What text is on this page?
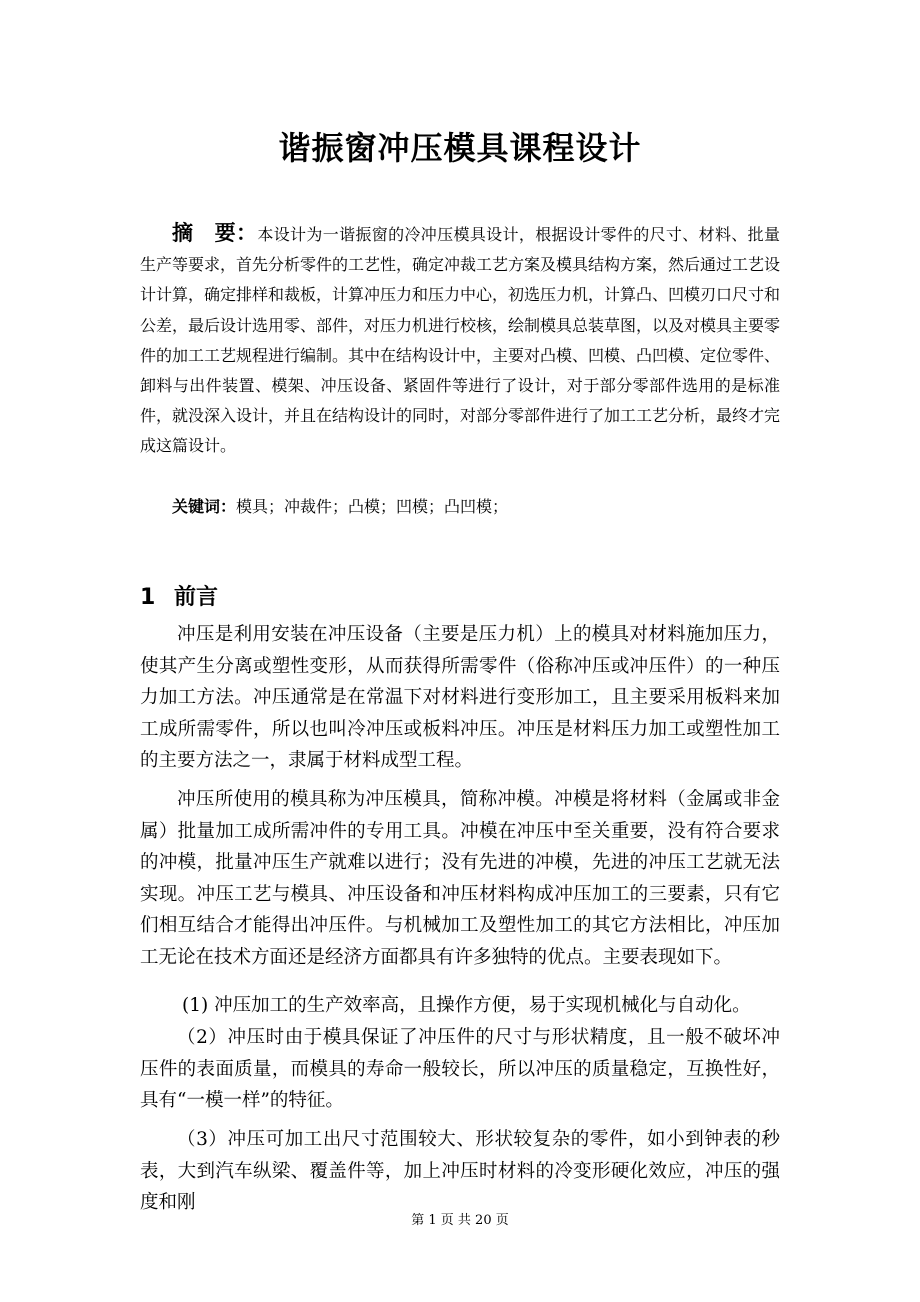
谐振窗冲压模具课程设计

摘　要：本设计为一谐振窗的冷冲压模具设计，根据设计零件的尺寸、材料、批量生产等要求，首先分析零件的工艺性，确定冲裁工艺方案及模具结构方案，然后通过工艺设计计算，确定排样和裁板，计算冲压力和压力中心，初选压力机，计算凸、凹模刃口尺寸和公差，最后设计选用零、部件，对压力机进行校核，绘制模具总装草图，以及对模具主要零件的加工工艺规程进行编制。其中在结构设计中，主要对凸模、凹模、凸凹模、定位零件、卸料与出件装置、模架、冲压设备、紧固件等进行了设计，对于部分零部件选用的是标准件，就没深入设计，并且在结构设计的同时，对部分零部件进行了加工工艺分析，最终才完成这篇设计。

关键词：模具；冲裁件；凸模；凹模；凸凹模；

1 前言

冲压是利用安装在冲压设备（主要是压力机）上的模具对材料施加压力，使其产生分离或塑性变形，从而获得所需零件（俗称冲压或冲压件）的一种压力加工方法。冲压通常是在常温下对材料进行变形加工，且主要采用板料来加工成所需零件，所以也叫冷冲压或板料冲压。冲压是材料压力加工或塑性加工的主要方法之一，隶属于材料成型工程。

冲压所使用的模具称为冲压模具，简称冲模。冲模是将材料（金属或非金属）批量加工成所需冲件的专用工具。冲模在冲压中至关重要，没有符合要求的冲模，批量冲压生产就难以进行；没有先进的冲模，先进的冲压工艺就无法实现。冲压工艺与模具、冲压设备和冲压材料构成冲压加工的三要素，只有它们相互结合才能得出冲压件。与机械加工及塑性加工的其它方法相比，冲压加工无论在技术方面还是经济方面都具有许多独特的优点。主要表现如下。

(1) 冲压加工的生产效率高，且操作方便，易于实现机械化与自动化。

（2）冲压时由于模具保证了冲压件的尺寸与形状精度，且一般不破坏冲压件的表面质量，而模具的寿命一般较长，所以冲压的质量稳定，互换性好，具有“一模一样”的特征。

（3）冲压可加工出尺寸范围较大、形状较复杂的零件，如小到钟表的秒表，大到汽车纵梁、覆盖件等，加上冲压时材料的冷变形硬化效应，冲压的强度和刚

第 1 页 共 20 页
